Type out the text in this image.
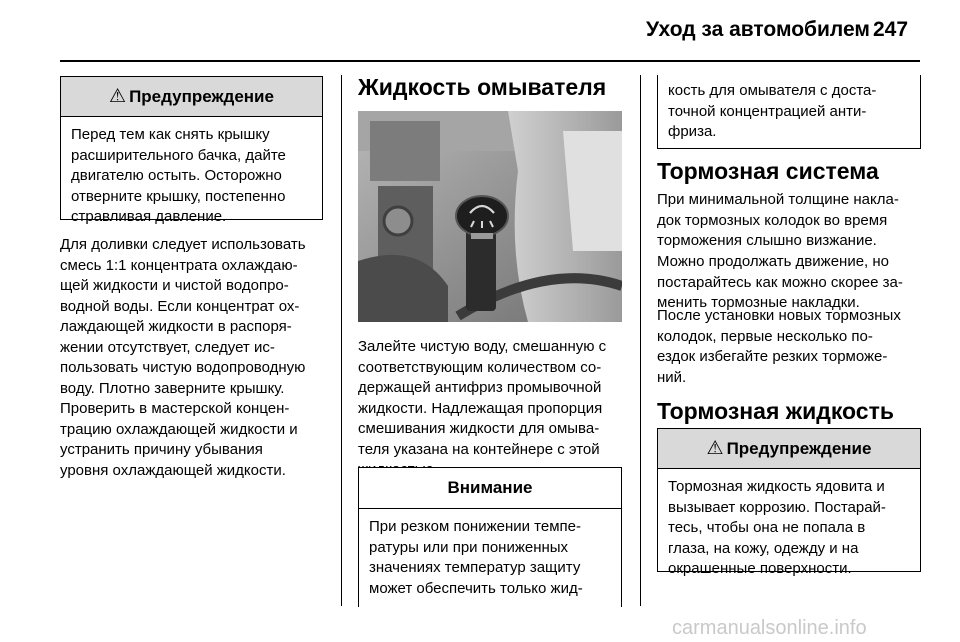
Уход за автомобилем 247
⚠ Предупреждение
Перед тем как снять крышку
расширительного бачка, дайте
двигателю остыть. Осторожно
отверните крышку, постепенно
стравливая давление.
Для доливки следует использовать
смесь 1:1 концентрата охлаждаю-
щей жидкости и чистой водопро-
водной воды. Если концентрат ох-
лаждающей жидкости в распоря-
жении отсутствует, следует ис-
пользовать чистую водопроводную
воду. Плотно заверните крышку.
Проверить в мастерской концен-
трацию охлаждающей жидкости и
устранить причину убывания
уровня охлаждающей жидкости.
Жидкость омывателя
Залейте чистую воду, смешанную с
соответствующим количеством со-
держащей антифриз промывочной
жидкости. Надлежащая пропорция
смешивания жидкости для омыва-
теля указана на контейнере с этой

Внимание
При резком понижении темпе-
ратуры или при пониженных
значениях температур защиту
может обеспечить только жид-
кость для омывателя с доста-
точной концентрацией анти-
фриза.
Тормозная система
При минимальной толщине накла-
док тормозных колодок во время
торможения слышно визжание.
Можно продолжать движение, но
постарайтесь как можно скорее за-
менить тормозные накладки.
После установки новых тормозных
колодок, первые несколько по-
ездок избегайте резких торможе-
ний.
Тормозная жидкость
⚠ Предупреждение
Тормозная жидкость ядовита и
вызывает коррозию. Постарай-
тесь, чтобы она не попала в
глаза, на кожу, одежду и на
окрашенные поверхности.
carmanualsonline.info
